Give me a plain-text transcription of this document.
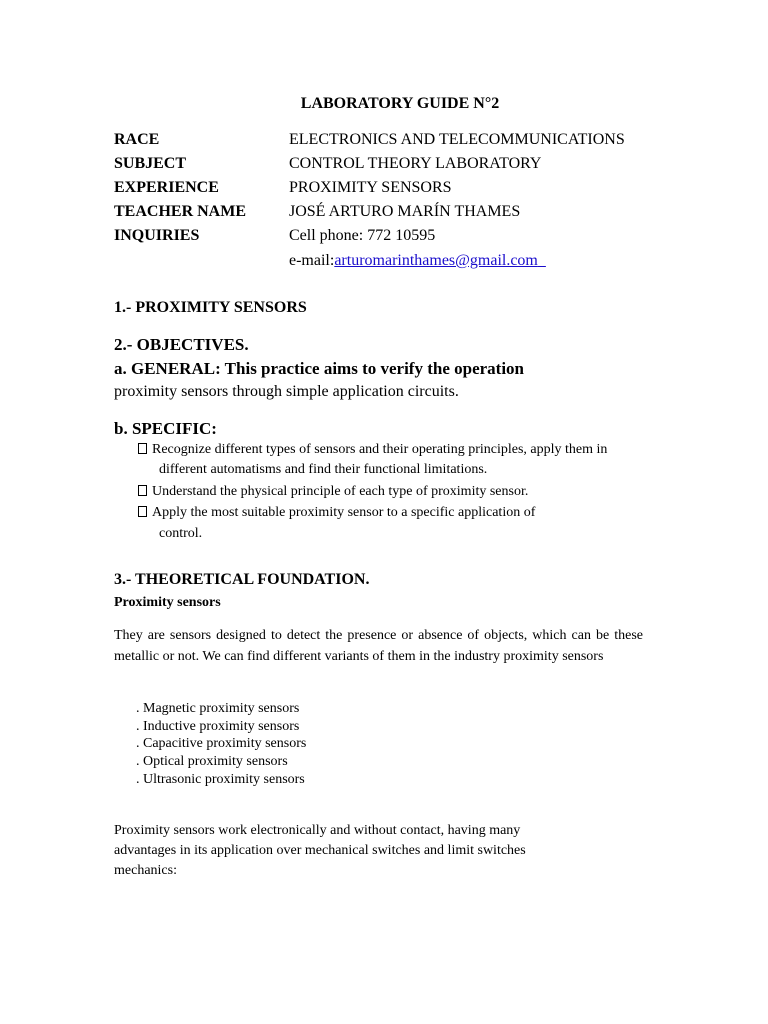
LABORATORY GUIDE N°2
RACE	ELECTRONICS AND TELECOMMUNICATIONS
SUBJECT	CONTROL THEORY LABORATORY
EXPERIENCE	PROXIMITY SENSORS
TEACHER NAME	JOSÉ ARTURO MARÍN THAMES
INQUIRIES	Cell phone: 772 10595
e-mail:arturomarinthames@gmail.com
1.- PROXIMITY SENSORS
2.- OBJECTIVES.
a. GENERAL: This practice aims to verify the operation
proximity sensors through simple application circuits.
b. SPECIFIC:
Recognize different types of sensors and their operating principles, apply them in
different automatisms and find their functional limitations.
Understand the physical principle of each type of proximity sensor.
Apply the most suitable proximity sensor to a specific application of
control.
3.- THEORETICAL FOUNDATION.
Proximity sensors
They are sensors designed to detect the presence or absence of objects, which can be these metallic or not. We can find different variants of them in the industry proximity sensors
. Magnetic proximity sensors
. Inductive proximity sensors
. Capacitive proximity sensors
. Optical proximity sensors
. Ultrasonic proximity sensors
Proximity sensors work electronically and without contact, having many
advantages in its application over mechanical switches and limit switches
mechanics:
